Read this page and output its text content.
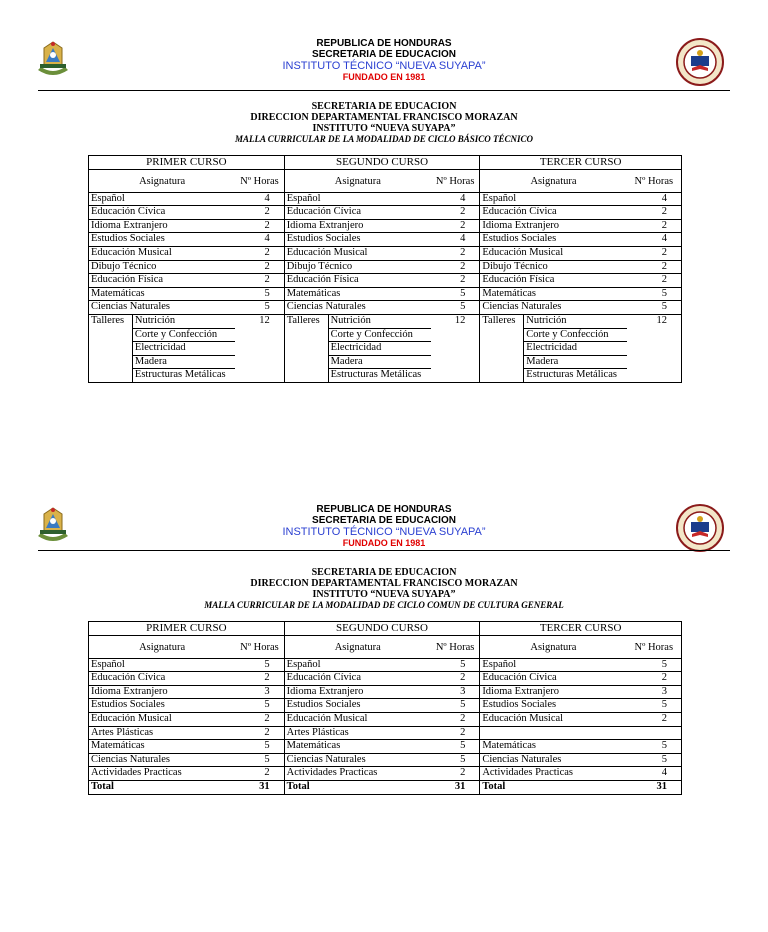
REPUBLICA DE HONDURAS
SECRETARIA DE EDUCACION
INSTITUTO TÉCNICO “NUEVA SUYAPA”
FUNDADO EN 1981
SECRETARIA DE EDUCACION
DIRECCION DEPARTAMENTAL FRANCISCO MORAZAN
INSTITUTO “NUEVA SUYAPA”
MALLA CURRICULAR DE LA MODALIDAD DE CICLO BÁSICO TÉCNICO
PRIMER CURSO			SEGUNDO CURSO			TERCER CURSO		
Asignatura		Nº Horas	Asignatura		Nº Horas	Asignatura		Nº Horas
Español		4	Español		4	Español		4
Educación Cívica		2	Educación Cívica		2	Educación Cívica		2
Idioma Extranjero		2	Idioma Extranjero		2	Idioma Extranjero		2
Estudios Sociales		4	Estudios Sociales		4	Estudios Sociales		4
Educación Musical		2	Educación Musical		2	Educación Musical		2
Dibujo Técnico		2	Dibujo Técnico		2	Dibujo Técnico		2
Educación Física		2	Educación Física		2	Educación Física		2
Matemáticas		5	Matemáticas		5	Matemáticas		5
Ciencias Naturales		5	Ciencias Naturales		5	Ciencias Naturales		5
Talleres	Nutrición	12	Talleres	Nutrición	12	Talleres	Nutrición	12
	Corte y Confección			Corte y Confección			Corte y Confección	
	Electricidad			Electricidad			Electricidad	
	Madera			Madera			Madera	
	Estructuras Metálicas			Estructuras Metálicas			Estructuras Metálicas	
REPUBLICA DE HONDURAS
SECRETARIA DE EDUCACION
INSTITUTO TÉCNICO “NUEVA SUYAPA”
FUNDADO EN 1981
SECRETARIA DE EDUCACION
DIRECCION DEPARTAMENTAL FRANCISCO MORAZAN
INSTITUTO “NUEVA SUYAPA”
MALLA CURRICULAR DE LA MODALIDAD DE CICLO COMUN DE CULTURA GENERAL
PRIMER CURSO		SEGUNDO CURSO		TERCER CURSO	
Asignatura	Nº Horas	Asignatura	Nº Horas	Asignatura	Nº Horas
Español	5	Español	5	Español	5
Educación Cívica	2	Educación Cívica	2	Educación Cívica	2
Idioma Extranjero	3	Idioma Extranjero	3	Idioma Extranjero	3
Estudios Sociales	5	Estudios Sociales	5	Estudios Sociales	5
Educación Musical	2	Educación Musical	2	Educación Musical	2
Artes Plásticas	2	Artes Plásticas	2		
Matemáticas	5	Matemáticas	5	Matemáticas	5
Ciencias Naturales	5	Ciencias Naturales	5	Ciencias Naturales	5
Actividades Practicas	2	Actividades Practicas	2	Actividades Practicas	4
Total	31	Total	31	Total	31
